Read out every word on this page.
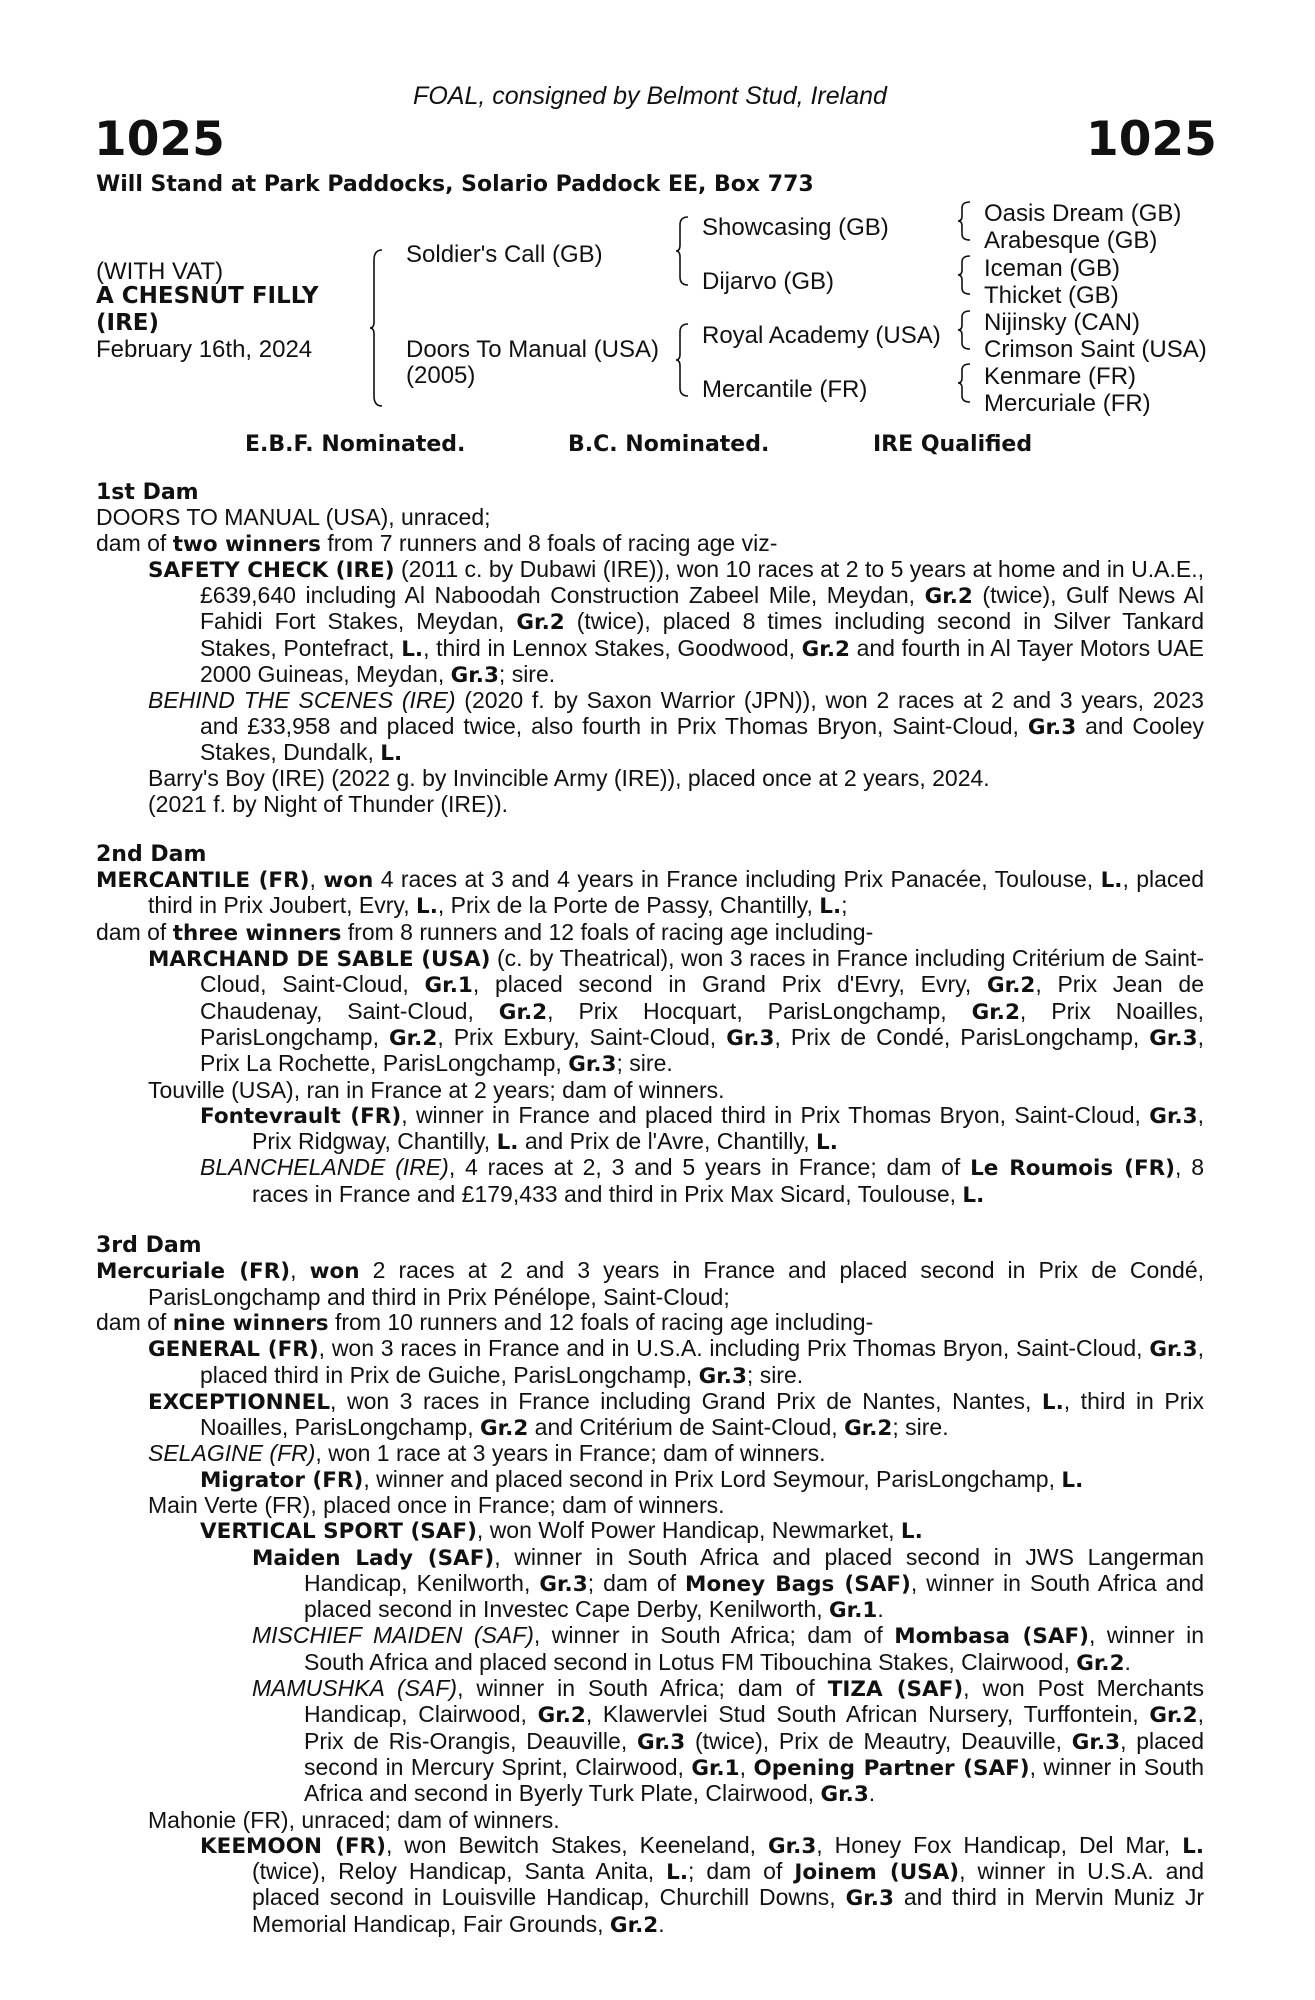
FOAL, consigned by Belmont Stud, Ireland
1025	1025
Will Stand at Park Paddocks, Solario Paddock EE, Box 773
(WITH VAT)
A CHESNUT FILLY
(IRE)
February 16th, 2024
Soldier's Call (GB)
Doors To Manual (USA)
(2005)
Showcasing (GB)
Dijarvo (GB)
Royal Academy (USA)
Mercantile (FR)
Oasis Dream (GB)
Arabesque (GB)
Iceman (GB)
Thicket (GB)
Nijinsky (CAN)
Crimson Saint (USA)
Kenmare (FR)
Mercuriale (FR)
E.B.F. Nominated.	B.C. Nominated.	IRE Qualified

1st Dam

DOORS TO MANUAL (USA), unraced;

dam of two winners from 7 runners and 8 foals of racing age viz-

SAFETY CHECK (IRE) (2011 c. by Dubawi (IRE)), won 10 races at 2 to 5 years at home and in U.A.E., £639,640 including Al Naboodah Construction Zabeel Mile, Meydan, Gr.2 (twice), Gulf News Al Fahidi Fort Stakes, Meydan, Gr.2 (twice), placed 8 times including second in Silver Tankard Stakes, Pontefract, L., third in Lennox Stakes, Goodwood, Gr.2 and fourth in Al Tayer Motors UAE 2000 Guineas, Meydan, Gr.3; sire.

BEHIND THE SCENES (IRE) (2020 f. by Saxon Warrior (JPN)), won 2 races at 2 and 3 years, 2023 and £33,958 and placed twice, also fourth in Prix Thomas Bryon, Saint-Cloud, Gr.3 and Cooley Stakes, Dundalk, L.

Barry's Boy (IRE) (2022 g. by Invincible Army (IRE)), placed once at 2 years, 2024.

(2021 f. by Night of Thunder (IRE)).

2nd Dam

MERCANTILE (FR), won 4 races at 3 and 4 years in France including Prix Panacée, Toulouse, L., placed third in Prix Joubert, Evry, L., Prix de la Porte de Passy, Chantilly, L.;

dam of three winners from 8 runners and 12 foals of racing age including-

MARCHAND DE SABLE (USA) (c. by Theatrical), won 3 races in France including Critérium de Saint-Cloud, Saint-Cloud, Gr.1, placed second in Grand Prix d'Evry, Evry, Gr.2, Prix Jean de Chaudenay, Saint-Cloud, Gr.2, Prix Hocquart, ParisLongchamp, Gr.2, Prix Noailles, ParisLongchamp, Gr.2, Prix Exbury, Saint-Cloud, Gr.3, Prix de Condé, ParisLongchamp, Gr.3, Prix La Rochette, ParisLongchamp, Gr.3; sire.

Touville (USA), ran in France at 2 years; dam of winners.

Fontevrault (FR), winner in France and placed third in Prix Thomas Bryon, Saint-Cloud, Gr.3, Prix Ridgway, Chantilly, L. and Prix de l'Avre, Chantilly, L.

BLANCHELANDE (IRE), 4 races at 2, 3 and 5 years in France; dam of Le Roumois (FR), 8 races in France and £179,433 and third in Prix Max Sicard, Toulouse, L.

3rd Dam

Mercuriale (FR), won 2 races at 2 and 3 years in France and placed second in Prix de Condé, ParisLongchamp and third in Prix Pénélope, Saint-Cloud;

dam of nine winners from 10 runners and 12 foals of racing age including-

GENERAL (FR), won 3 races in France and in U.S.A. including Prix Thomas Bryon, Saint-Cloud, Gr.3, placed third in Prix de Guiche, ParisLongchamp, Gr.3; sire.

EXCEPTIONNEL, won 3 races in France including Grand Prix de Nantes, Nantes, L., third in Prix Noailles, ParisLongchamp, Gr.2 and Critérium de Saint-Cloud, Gr.2; sire.

SELAGINE (FR), won 1 race at 3 years in France; dam of winners.

Migrator (FR), winner and placed second in Prix Lord Seymour, ParisLongchamp, L.

Main Verte (FR), placed once in France; dam of winners.

VERTICAL SPORT (SAF), won Wolf Power Handicap, Newmarket, L.

Maiden Lady (SAF), winner in South Africa and placed second in JWS Langerman Handicap, Kenilworth, Gr.3; dam of Money Bags (SAF), winner in South Africa and placed second in Investec Cape Derby, Kenilworth, Gr.1.

MISCHIEF MAIDEN (SAF), winner in South Africa; dam of Mombasa (SAF), winner in South Africa and placed second in Lotus FM Tibouchina Stakes, Clairwood, Gr.2.

MAMUSHKA (SAF), winner in South Africa; dam of TIZA (SAF), won Post Merchants Handicap, Clairwood, Gr.2, Klawervlei Stud South African Nursery, Turffontein, Gr.2, Prix de Ris-Orangis, Deauville, Gr.3 (twice), Prix de Meautry, Deauville, Gr.3, placed second in Mercury Sprint, Clairwood, Gr.1, Opening Partner (SAF), winner in South Africa and second in Byerly Turk Plate, Clairwood, Gr.3.

Mahonie (FR), unraced; dam of winners.

KEEMOON (FR), won Bewitch Stakes, Keeneland, Gr.3, Honey Fox Handicap, Del Mar, L. (twice), Reloy Handicap, Santa Anita, L.; dam of Joinem (USA), winner in U.S.A. and placed second in Louisville Handicap, Churchill Downs, Gr.3 and third in Mervin Muniz Jr Memorial Handicap, Fair Grounds, Gr.2.
